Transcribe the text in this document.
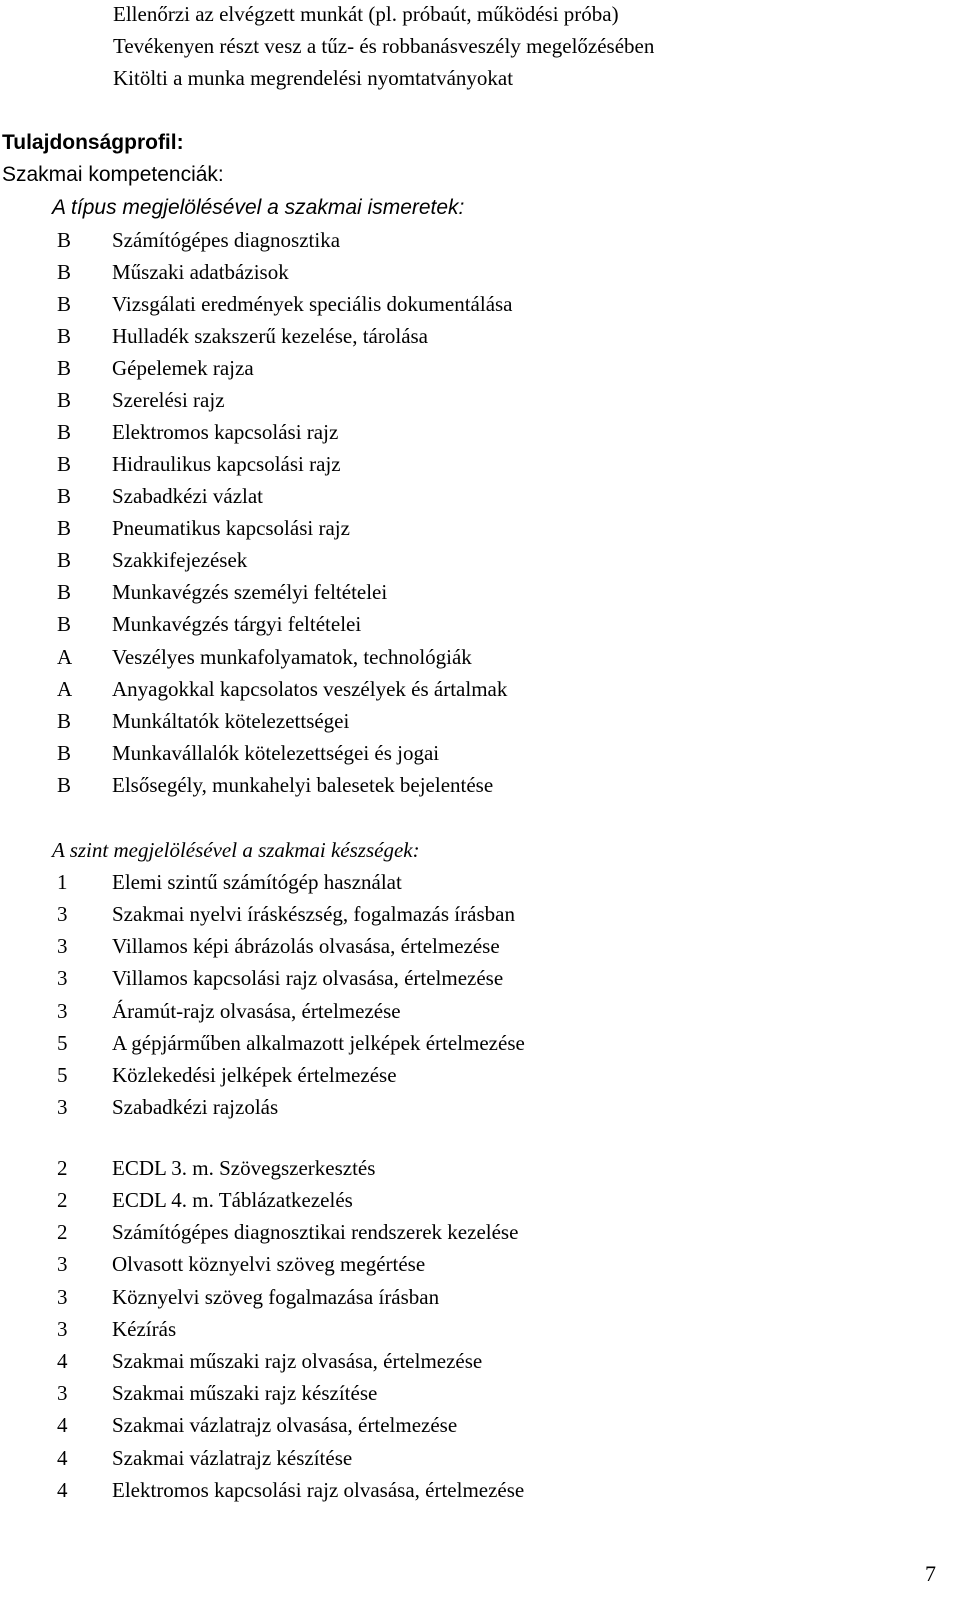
Ellenőrzi az elvégzett munkát (pl. próbaút, működési próba)
Tevékenyen részt vesz a tűz- és robbanásveszély megelőzésében
Kitölti a munka megrendelési nyomtatványokat
Tulajdonságprofil:
Szakmai kompetenciák:
A típus megjelölésével a szakmai ismeretek:
B Számítógépes diagnosztika
B Műszaki adatbázisok
B Vizsgálati eredmények speciális dokumentálása
B Hulladék szakszerű kezelése, tárolása
B Gépelemek rajza
B Szerelési rajz
B Elektromos kapcsolási rajz
B Hidraulikus kapcsolási rajz
B Szabadkézi vázlat
B Pneumatikus kapcsolási rajz
B Szakkifejezések
B Munkavégzés személyi feltételei
B Munkavégzés tárgyi feltételei
A Veszélyes munkafolyamatok, technológiák
A Anyagokkal kapcsolatos veszélyek és ártalmak
B Munkáltatók kötelezettségei
B Munkavállalók kötelezettségei és jogai
B Elsősegély, munkahelyi balesetek bejelentése
A szint megjelölésével a szakmai készségek:
1 Elemi szintű számítógép használat
3 Szakmai nyelvi íráskészség, fogalmazás írásban
3 Villamos képi ábrázolás olvasása, értelmezése
3 Villamos kapcsolási rajz olvasása, értelmezése
3 Áramút-rajz olvasása, értelmezése
5 A gépjárműben alkalmazott jelképek értelmezése
5 Közlekedési jelképek értelmezése
3 Szabadkézi rajzolás
2 ECDL 3. m. Szövegszerkesztés
2 ECDL 4. m. Táblázatkezelés
2 Számítógépes diagnosztikai rendszerek kezelése
3 Olvasott köznyelvi szöveg megértése
3 Köznyelvi szöveg fogalmazása írásban
3 Kézírás
4 Szakmai műszaki rajz olvasása, értelmezése
3 Szakmai műszaki rajz készítése
4 Szakmai vázlatrajz olvasása, értelmezése
4 Szakmai vázlatrajz készítése
4 Elektromos kapcsolási rajz olvasása, értelmezése
7
